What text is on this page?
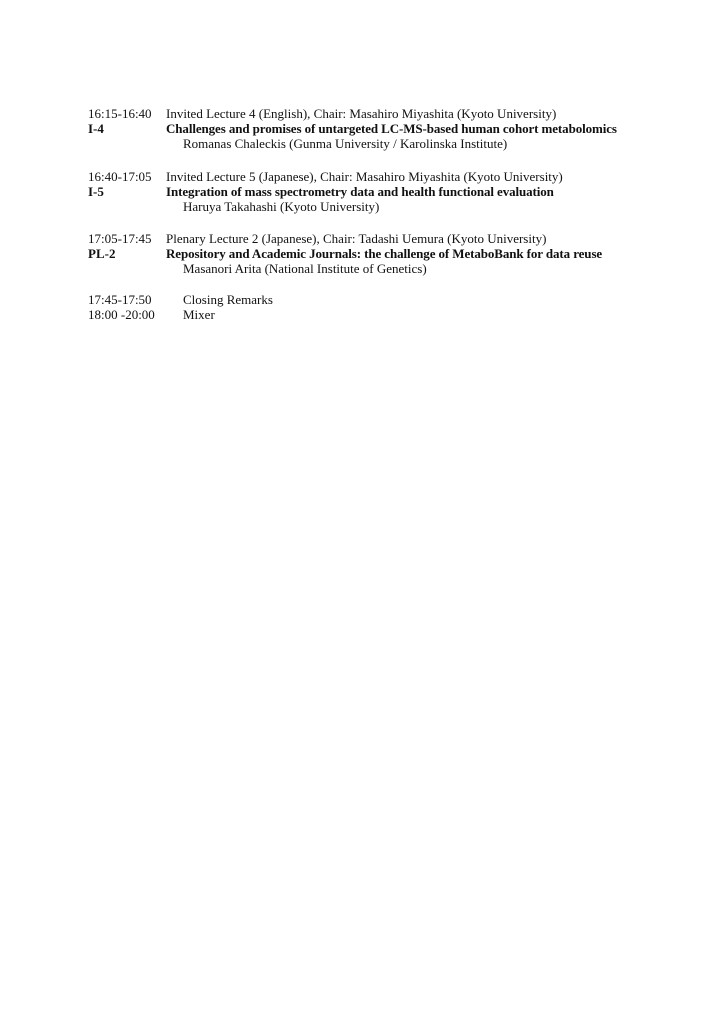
16:15-16:40 Invited Lecture 4 (English), Chair: Masahiro Miyashita (Kyoto University)
I-4	Challenges and promises of untargeted LC-MS-based human cohort metabolomics
Romanas Chaleckis (Gunma University / Karolinska Institute)
16:40-17:05 Invited Lecture 5 (Japanese), Chair: Masahiro Miyashita (Kyoto University)
I-5	Integration of mass spectrometry data and health functional evaluation
Haruya Takahashi (Kyoto University)
17:05-17:45 Plenary Lecture 2 (Japanese), Chair: Tadashi Uemura (Kyoto University)
PL-2	Repository and Academic Journals: the challenge of MetaboBank for data reuse
Masanori Arita (National Institute of Genetics)
17:45-17:50 Closing Remarks
18:00 -20:00 Mixer
